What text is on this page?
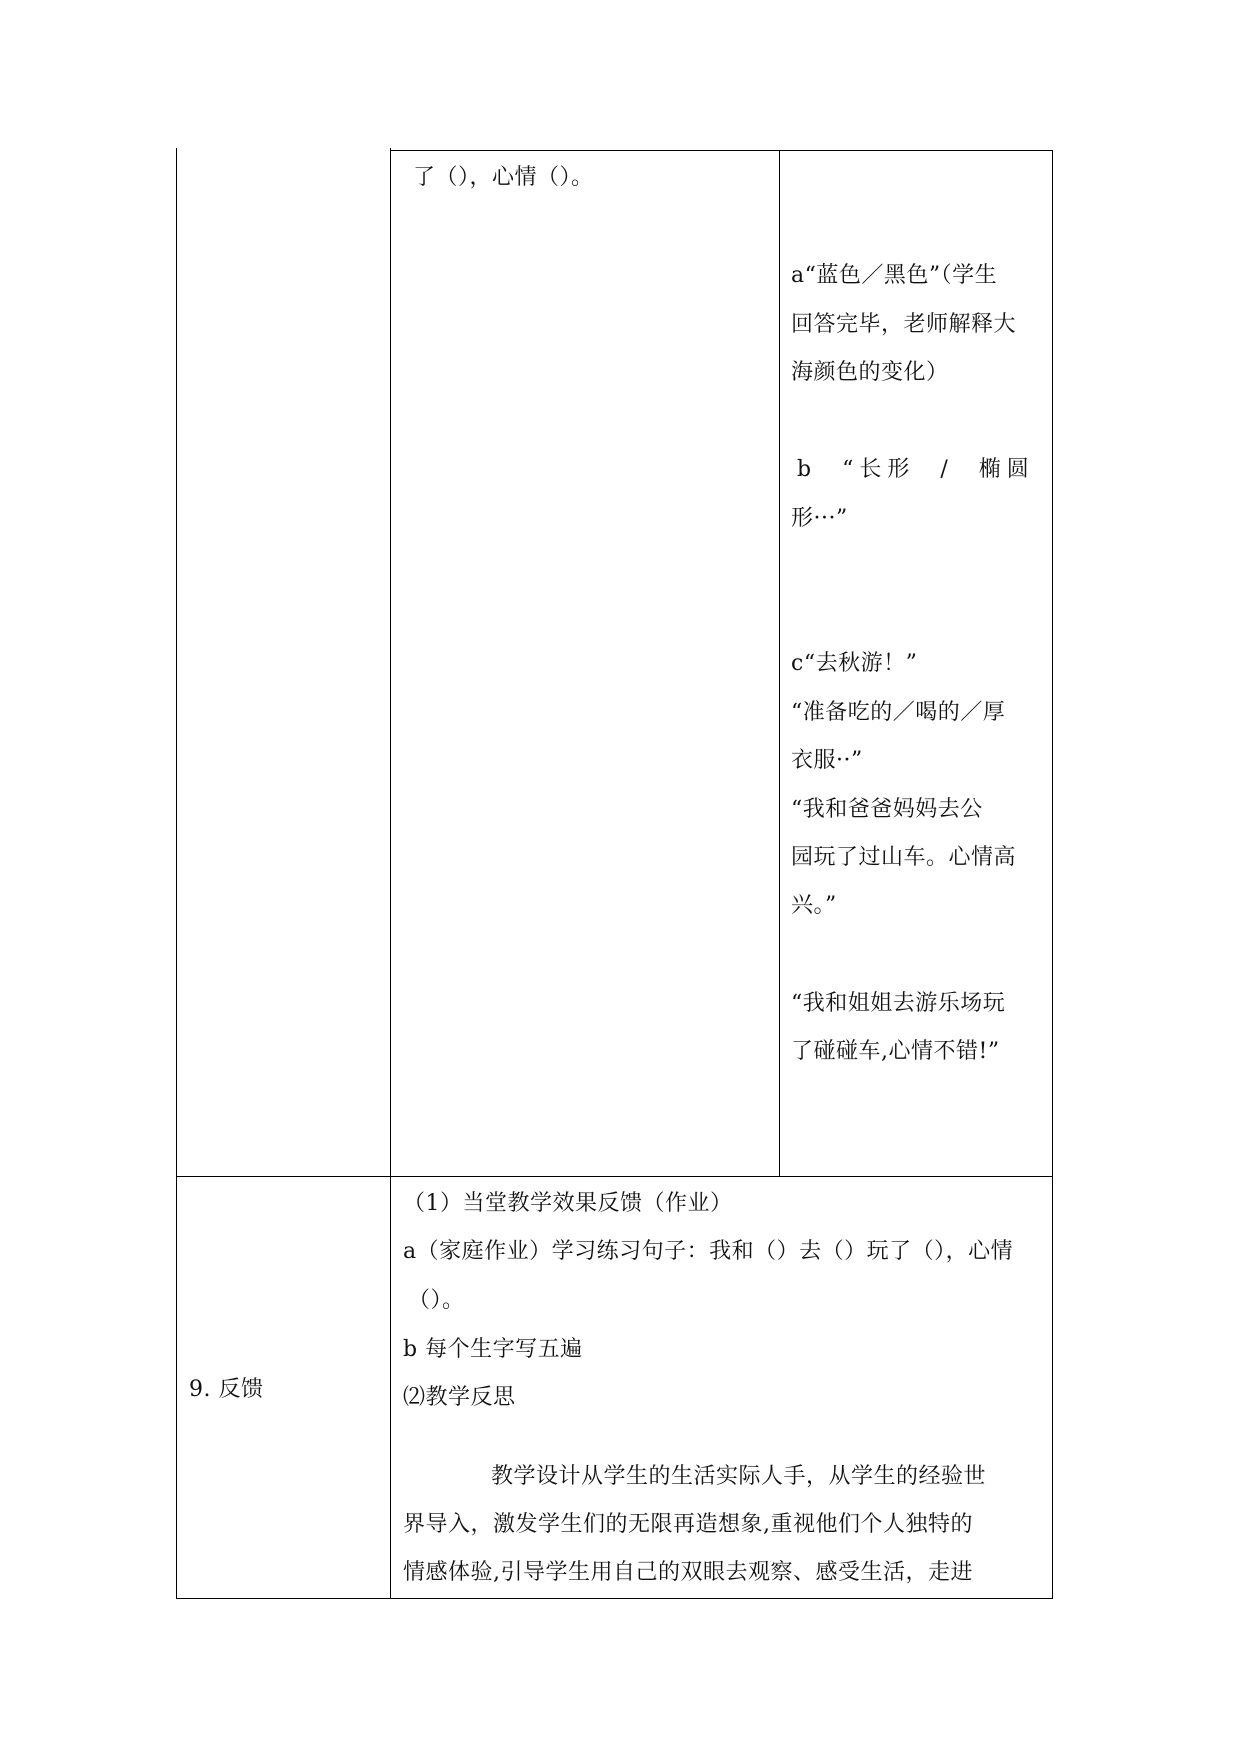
了（），心情（）。
a“蓝色／黑色”（学生
回答完毕，老师解释大
海颜色的变化）
b “长形 / 椭圆
形···”
c“去秋游！”
“准备吃的／喝的／厚
衣服··”
“我和爸爸妈妈去公
园玩了过山车。心情高
兴。”
“我和姐姐去游乐场玩
了碰碰车,心情不错!”
9. 反馈
（1）当堂教学效果反馈（作业）
a（家庭作业）学习练习句子：我和（）去（）玩了（），心情
（）。
b 每个生字写五遍
⑵教学反思
教学设计从学生的生活实际人手，从学生的经验世
界导入，激发学生们的无限再造想象,重视他们个人独特的
情感体验,引导学生用自己的双眼去观察、感受生活，走进
